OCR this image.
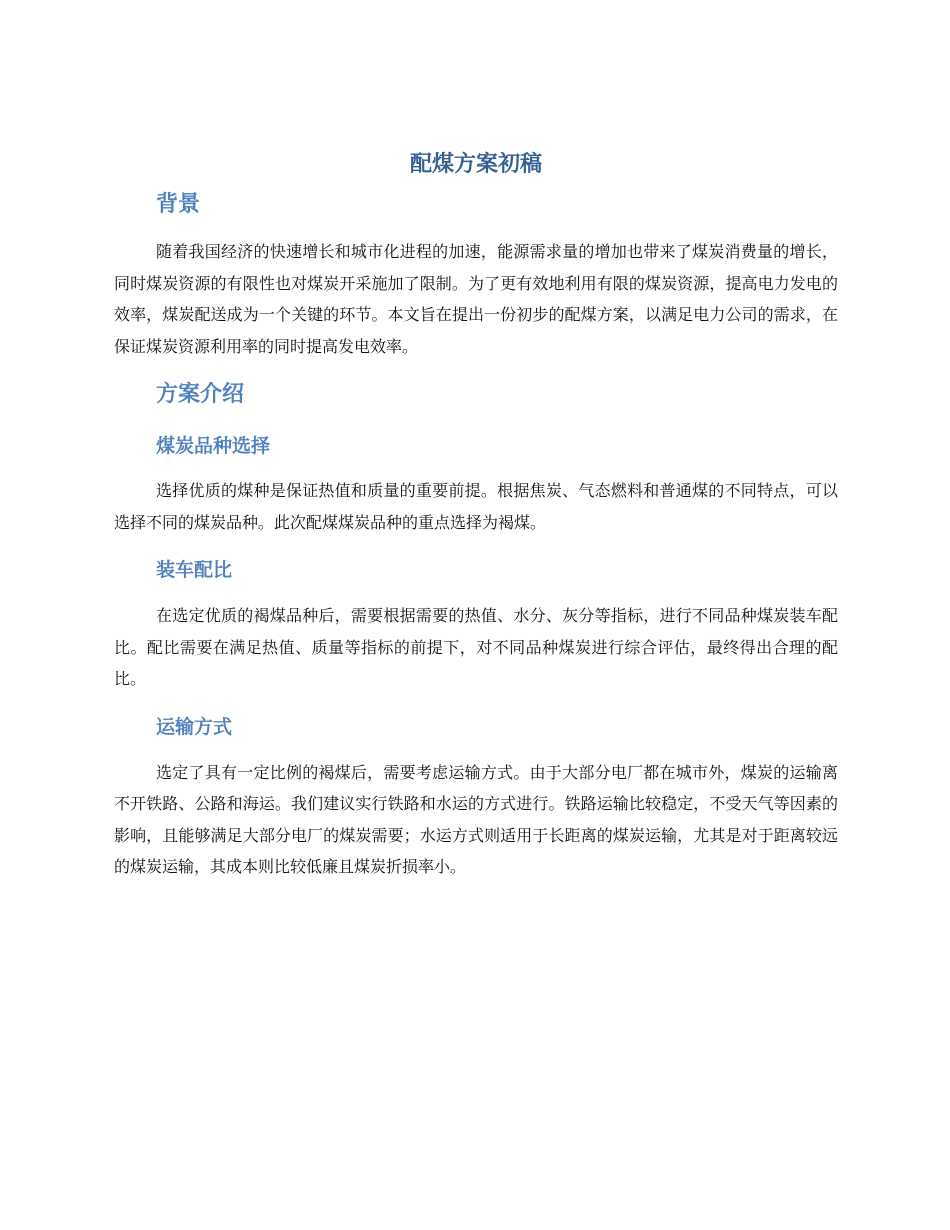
配煤方案初稿
背景

随着我国经济的快速增长和城市化进程的加速，能源需求量的增加也带来了煤炭消费量的增长，同时煤炭资源的有限性也对煤炭开采施加了限制。为了更有效地利用有限的煤炭资源，提高电力发电的效率，煤炭配送成为一个关键的环节。本文旨在提出一份初步的配煤方案，以满足电力公司的需求，在保证煤炭资源利用率的同时提高发电效率。

方案介绍
煤炭品种选择

选择优质的煤种是保证热值和质量的重要前提。根据焦炭、气态燃料和普通煤的不同特点，可以选择不同的煤炭品种。此次配煤煤炭品种的重点选择为褐煤。

装车配比

在选定优质的褐煤品种后，需要根据需要的热值、水分、灰分等指标，进行不同品种煤炭装车配比。配比需要在满足热值、质量等指标的前提下，对不同品种煤炭进行综合评估，最终得出合理的配比。

运输方式

选定了具有一定比例的褐煤后，需要考虑运输方式。由于大部分电厂都在城市外，煤炭的运输离不开铁路、公路和海运。我们建议实行铁路和水运的方式进行。铁路运输比较稳定，不受天气等因素的影响，且能够满足大部分电厂的煤炭需要；水运方式则适用于长距离的煤炭运输，尤其是对于距离较远的煤炭运输，其成本则比较低廉且煤炭折损率小。
